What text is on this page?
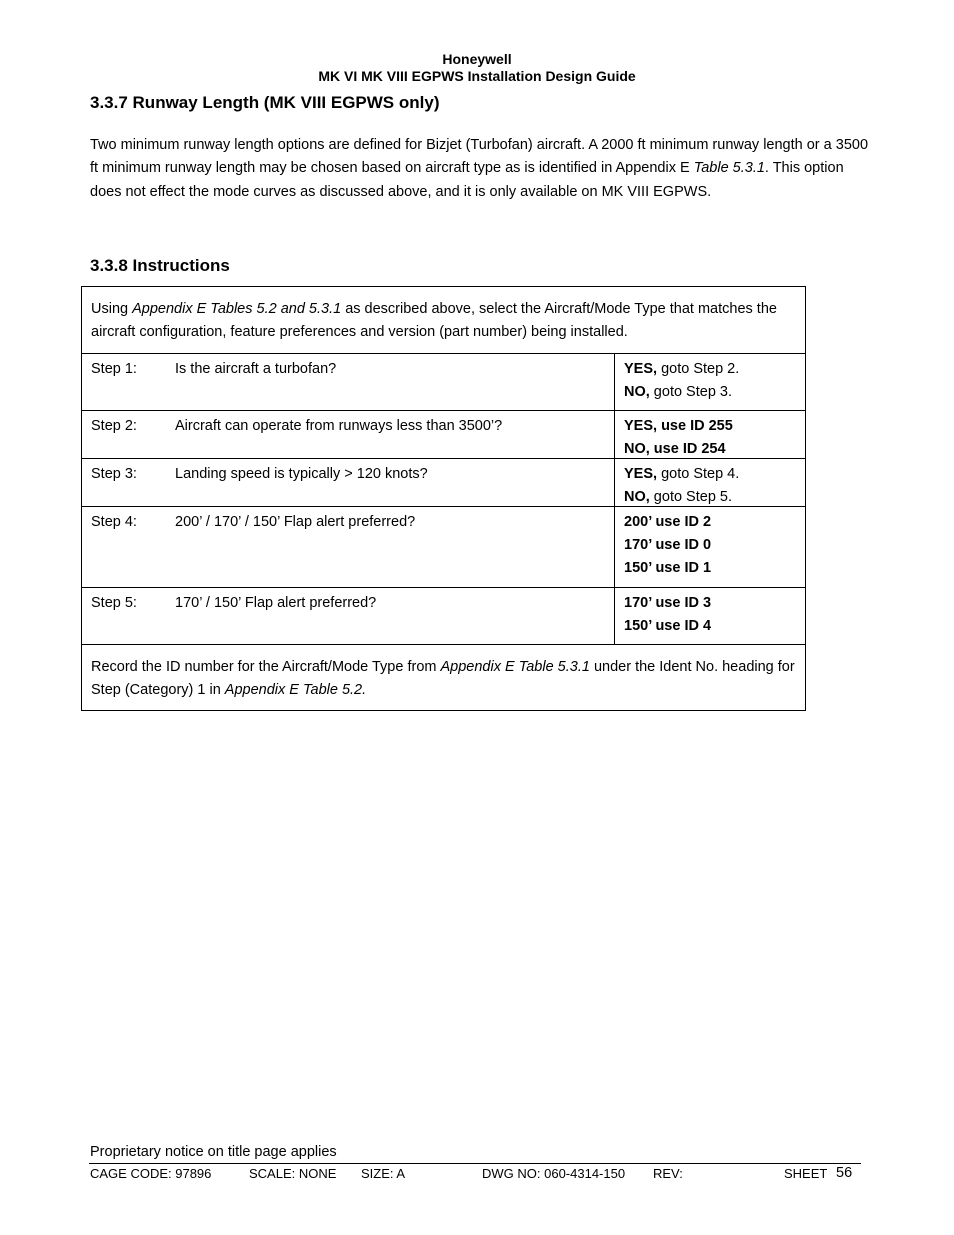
Honeywell
MK VI MK VIII EGPWS Installation Design Guide
3.3.7 Runway Length (MK VIII EGPWS only)
Two minimum runway length options are defined for Bizjet (Turbofan) aircraft. A 2000 ft minimum runway length or a 3500 ft minimum runway length may be chosen based on aircraft type as is identified in Appendix E Table 5.3.1. This option does not effect the mode curves as discussed above, and it is only available on MK VIII EGPWS.
3.3.8 Instructions
Using Appendix E Tables 5.2 and 5.3.1 as described above, select the Aircraft/Mode Type that matches the aircraft configuration, feature preferences and version (part number) being installed.
Step 1:	Is the aircraft a turbofan?	YES, goto Step 2.
NO, goto Step 3.
Step 2:	Aircraft can operate from runways less than 3500’?	YES, use ID 255
NO, use ID 254
Step 3:	Landing speed is typically > 120 knots?	YES, goto Step 4.
NO, goto Step 5.
Step 4:	200’ / 170’ / 150’ Flap alert preferred?	200’ use ID 2
170’ use ID 0
150’ use ID 1
Step 5:	170’ / 150’ Flap alert preferred?	170’ use ID 3
150’ use ID 4
Record the ID number for the Aircraft/Mode Type from Appendix E Table 5.3.1 under the Ident No. heading for Step (Category) 1 in Appendix E Table 5.2.
Proprietary notice on title page applies
CAGE CODE: 97896	SCALE: NONE SIZE: A	DWG NO: 060-4314-150 REV:	SHEET 56
